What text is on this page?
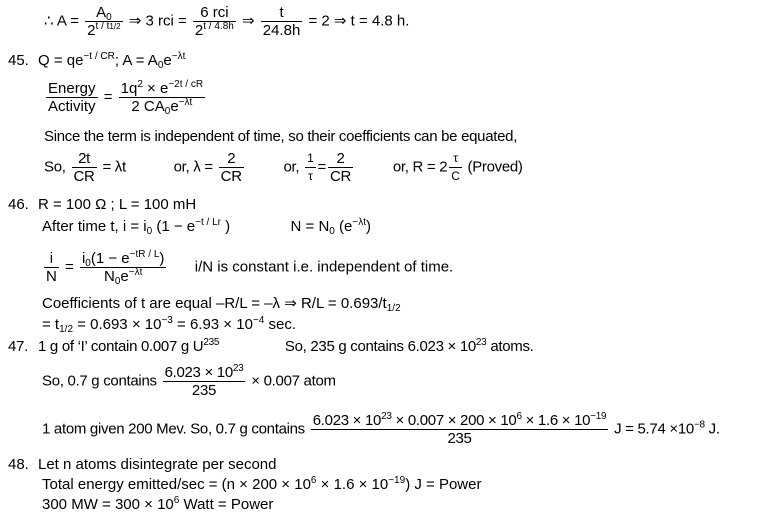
∴ $A = \frac{A_0}{2^{t / t1/2}}$ ⇒ 3 rci = $\frac{\text{6 rci}}{2^{t / 4.8h}}$ ⇒ $\frac{t}{24.8h} = 2$ ⇒ t = 4.8 h.
45. $Q = qe^{-t / CR}$; $A = A_0e^{-\lambda t}$
$\frac{\text{Energy}}{\text{Activity}} = \frac{1q^2 \times e^{-2t / cR}}{2 CA_0e^{-\lambda t}}$
Since the term is independent of time, so their coefficients can be equated,
So, $\frac{2t}{CR} = \lambda t$	or, $\lambda = \frac{2}{CR}$	or, $\frac{1}{\tau} = \frac{2}{CR}$	or, $R = 2 \frac{\tau}{C}$ (Proved)
46. R = 100 Ω ; L = 100 mH
After time t, $i = i_0$ ($1 - e^{-t / Lr}$ )	$N = N_0$ $(e^{-\lambda t})$
$\frac{i}{N} = \frac{i_0(1 - e^{-tR / L})}{N_0e^{-\lambda t}} i/N$ is constant i.e. independent of time.
Coefficients of t are equal –R/L = –λ ⇒ $R/L = 0.693/t_{1/2}$
= $t_{1/2} = 0.693 \times 10^{-3} = 6.93 \times 10^{-4}$ sec.
47. 1 g of ‘I’ contain 0.007 g $U^{235}$	So, 235 g contains $6.023 \times 10^{23}$ atoms.
So, 0.7 g contains $\frac{6.023 \times 10^{23}}{235} \times 0.007$ atom
1 atom given 200 Mev. So, 0.7 g contains $\frac{6.023 \times 10^{23} \times 0.007 \times 200 \times 10^6 \times 1.6 \times 10^{-19}}{235}$ $J = 5.74 \times 10^{-8}$ J.
48. Let n atoms disintegrate per second
Total energy emitted/sec = $(n \times 200 \times 10^6 \times 1.6 \times 10^{-19})$ J = Power
300 MW = $300 \times 10^6$ Watt = Power
